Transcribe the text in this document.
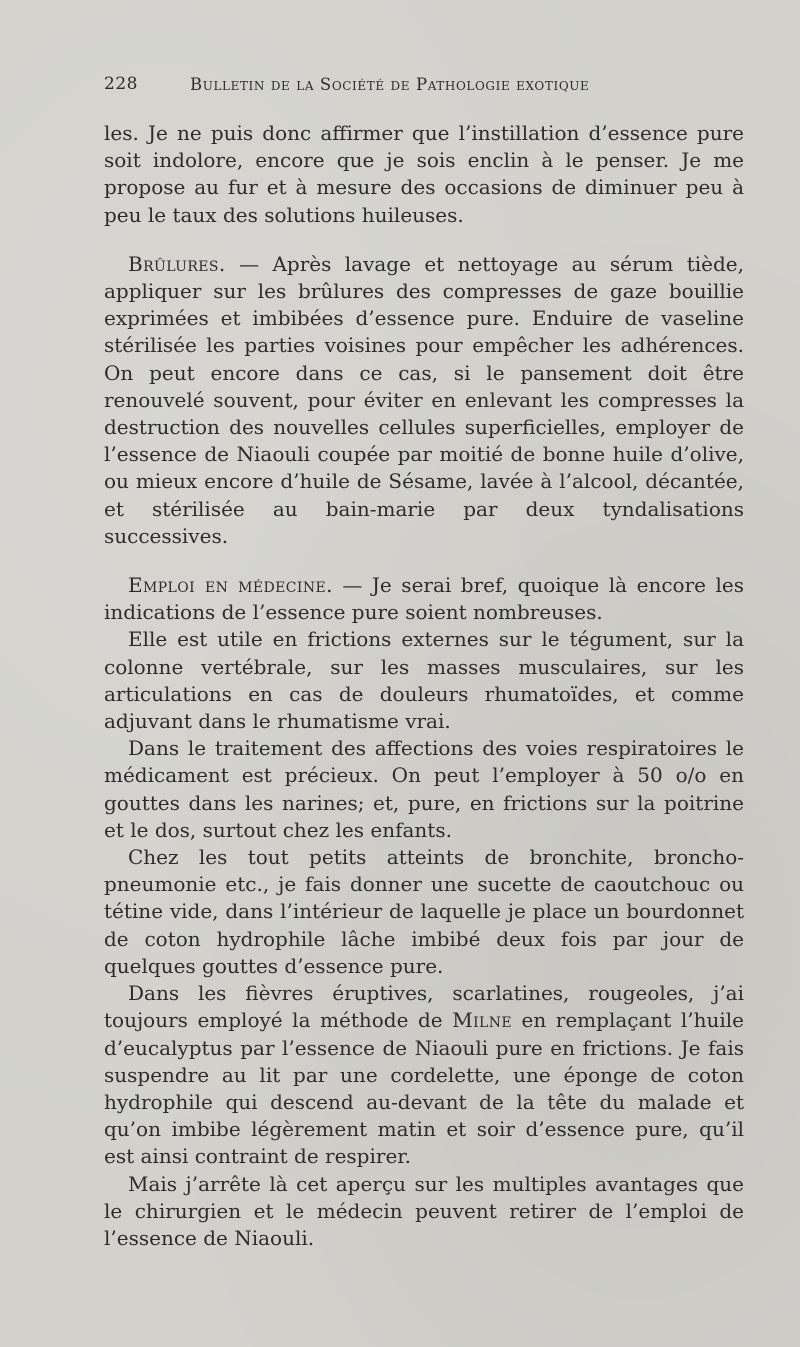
228	Bulletin de la Société de Pathologie exotique

les. Je ne puis donc affirmer que l’instillation d’essence pure soit indolore, encore que je sois enclin à le penser. Je me propose au fur et à mesure des occasions de diminuer peu à peu le taux des solutions huileuses.

Brûlures. — Après lavage et nettoyage au sérum tiède, appliquer sur les brûlures des compresses de gaze bouillie exprimées et imbibées d’essence pure. Enduire de vaseline stérilisée les parties voisines pour empêcher les adhérences. On peut encore dans ce cas, si le pansement doit être renouvelé souvent, pour éviter en enlevant les compresses la destruction des nouvelles cellules superficielles, employer de l’essence de Niaouli coupée par moitié de bonne huile d’olive, ou mieux encore d’huile de Sésame, lavée à l’alcool, décantée, et stérilisée au bain-marie par deux tyndalisations successives.

Emploi en médecine. — Je serai bref, quoique là encore les indications de l’essence pure soient nombreuses.

Elle est utile en frictions externes sur le tégument, sur la colonne vertébrale, sur les masses musculaires, sur les articulations en cas de douleurs rhumatoïdes, et comme adjuvant dans le rhumatisme vrai.

Dans le traitement des affections des voies respiratoires le médicament est précieux. On peut l’employer à 50 o/o en gouttes dans les narines; et, pure, en frictions sur la poitrine et le dos, surtout chez les enfants.

Chez les tout petits atteints de bronchite, broncho-pneumonie etc., je fais donner une sucette de caoutchouc ou tétine vide, dans l’intérieur de laquelle je place un bourdonnet de coton hydrophile lâche imbibé deux fois par jour de quelques gouttes d’essence pure.

Dans les fièvres éruptives, scarlatines, rougeoles, j’ai toujours employé la méthode de Milne en remplaçant l’huile d’eucalyptus par l’essence de Niaouli pure en frictions. Je fais suspendre au lit par une cordelette, une éponge de coton hydrophile qui descend au-devant de la tête du malade et qu’on imbibe légèrement matin et soir d’essence pure, qu’il est ainsi contraint de respirer.

Mais j’arrête là cet aperçu sur les multiples avantages que le chirurgien et le médecin peuvent retirer de l’emploi de l’essence de Niaouli.
